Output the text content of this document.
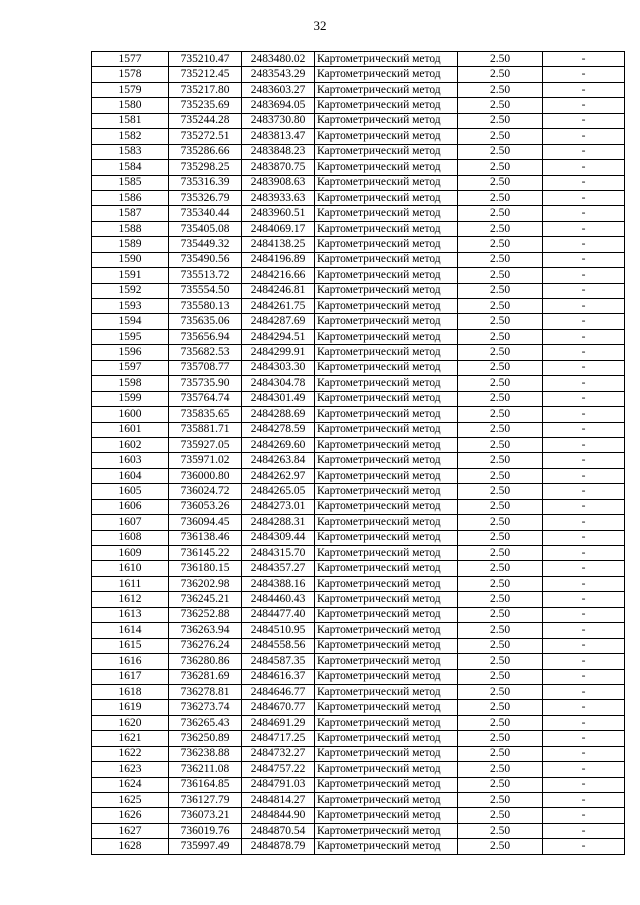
32
1577	735210.47	2483480.02	Картометрический метод	2.50	-
1578	735212.45	2483543.29	Картометрический метод	2.50	-
1579	735217.80	2483603.27	Картометрический метод	2.50	-
1580	735235.69	2483694.05	Картометрический метод	2.50	-
1581	735244.28	2483730.80	Картометрический метод	2.50	-
1582	735272.51	2483813.47	Картометрический метод	2.50	-
1583	735286.66	2483848.23	Картометрический метод	2.50	-
1584	735298.25	2483870.75	Картометрический метод	2.50	-
1585	735316.39	2483908.63	Картометрический метод	2.50	-
1586	735326.79	2483933.63	Картометрический метод	2.50	-
1587	735340.44	2483960.51	Картометрический метод	2.50	-
1588	735405.08	2484069.17	Картометрический метод	2.50	-
1589	735449.32	2484138.25	Картометрический метод	2.50	-
1590	735490.56	2484196.89	Картометрический метод	2.50	-
1591	735513.72	2484216.66	Картометрический метод	2.50	-
1592	735554.50	2484246.81	Картометрический метод	2.50	-
1593	735580.13	2484261.75	Картометрический метод	2.50	-
1594	735635.06	2484287.69	Картометрический метод	2.50	-
1595	735656.94	2484294.51	Картометрический метод	2.50	-
1596	735682.53	2484299.91	Картометрический метод	2.50	-
1597	735708.77	2484303.30	Картометрический метод	2.50	-
1598	735735.90	2484304.78	Картометрический метод	2.50	-
1599	735764.74	2484301.49	Картометрический метод	2.50	-
1600	735835.65	2484288.69	Картометрический метод	2.50	-
1601	735881.71	2484278.59	Картометрический метод	2.50	-
1602	735927.05	2484269.60	Картометрический метод	2.50	-
1603	735971.02	2484263.84	Картометрический метод	2.50	-
1604	736000.80	2484262.97	Картометрический метод	2.50	-
1605	736024.72	2484265.05	Картометрический метод	2.50	-
1606	736053.26	2484273.01	Картометрический метод	2.50	-
1607	736094.45	2484288.31	Картометрический метод	2.50	-
1608	736138.46	2484309.44	Картометрический метод	2.50	-
1609	736145.22	2484315.70	Картометрический метод	2.50	-
1610	736180.15	2484357.27	Картометрический метод	2.50	-
1611	736202.98	2484388.16	Картометрический метод	2.50	-
1612	736245.21	2484460.43	Картометрический метод	2.50	-
1613	736252.88	2484477.40	Картометрический метод	2.50	-
1614	736263.94	2484510.95	Картометрический метод	2.50	-
1615	736276.24	2484558.56	Картометрический метод	2.50	-
1616	736280.86	2484587.35	Картометрический метод	2.50	-
1617	736281.69	2484616.37	Картометрический метод	2.50	-
1618	736278.81	2484646.77	Картометрический метод	2.50	-
1619	736273.74	2484670.77	Картометрический метод	2.50	-
1620	736265.43	2484691.29	Картометрический метод	2.50	-
1621	736250.89	2484717.25	Картометрический метод	2.50	-
1622	736238.88	2484732.27	Картометрический метод	2.50	-
1623	736211.08	2484757.22	Картометрический метод	2.50	-
1624	736164.85	2484791.03	Картометрический метод	2.50	-
1625	736127.79	2484814.27	Картометрический метод	2.50	-
1626	736073.21	2484844.90	Картометрический метод	2.50	-
1627	736019.76	2484870.54	Картометрический метод	2.50	-
1628	735997.49	2484878.79	Картометрический метод	2.50	-
